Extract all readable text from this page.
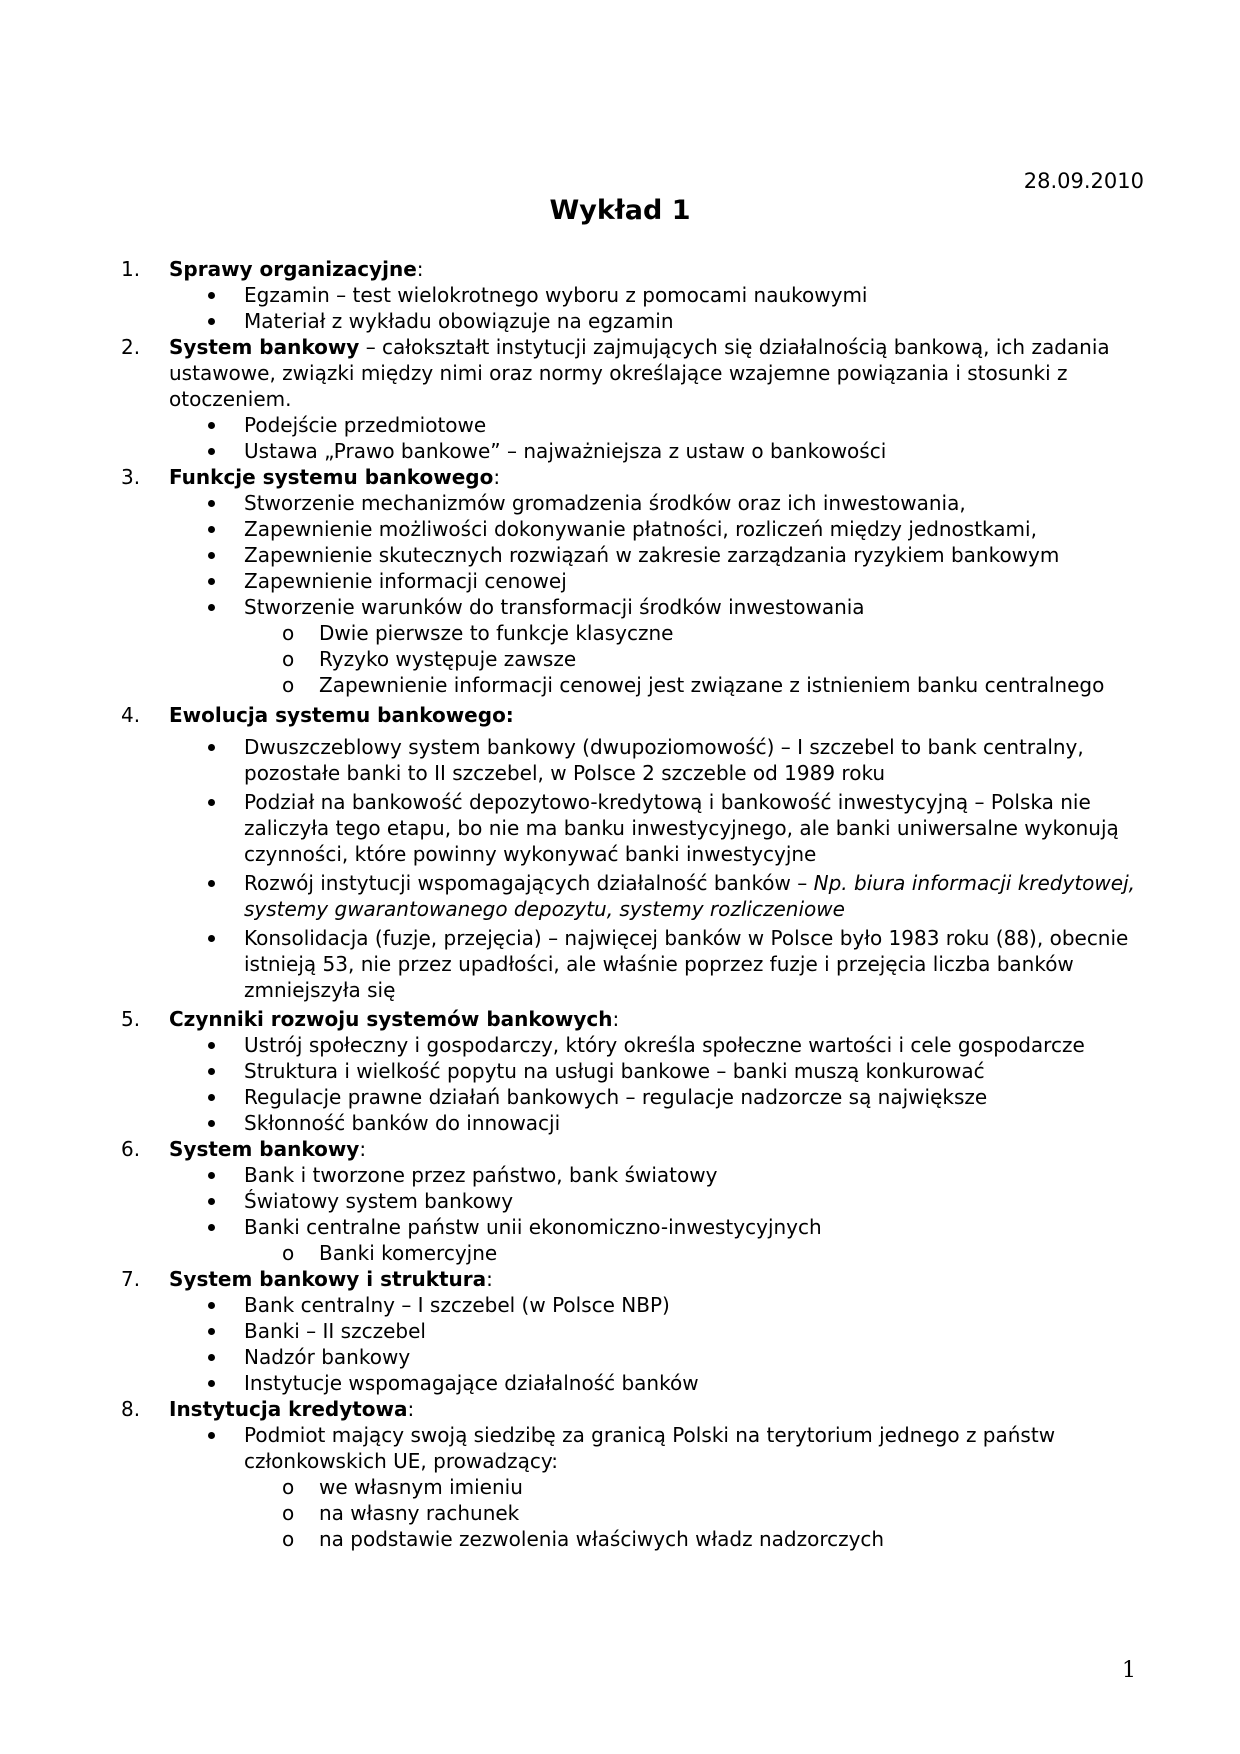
28.09.2010
Wykład 1
1.	Sprawy organizacyjne:
Egzamin – test wielokrotnego wyboru z pomocami naukowymi
Materiał z wykładu obowiązuje na egzamin
2.	System bankowy – całokształt instytucji zajmujących się działalnością bankową, ich zadania ustawowe, związki między nimi oraz normy określające wzajemne powiązania i stosunki z otoczeniem.
Podejście przedmiotowe
Ustawa „Prawo bankowe” – najważniejsza z ustaw o bankowości
3.	Funkcje systemu bankowego:
Stworzenie mechanizmów gromadzenia środków oraz ich inwestowania,
Zapewnienie możliwości dokonywanie płatności, rozliczeń między jednostkami,
Zapewnienie skutecznych rozwiązań w zakresie zarządzania ryzykiem bankowym
Zapewnienie informacji cenowej
Stworzenie warunków do transformacji środków inwestowania
o Dwie pierwsze to funkcje klasyczne
o Ryzyko występuje zawsze
o Zapewnienie informacji cenowej jest związane z istnieniem banku centralnego
4.	Ewolucja systemu bankowego:
Dwuszczeblowy system bankowy (dwupoziomowość) – I szczebel to bank centralny, pozostałe banki to II szczebel, w Polsce 2 szczeble od 1989 roku
Podział na bankowość depozytowo-kredytową i bankowość inwestycyjną – Polska nie zaliczyła tego etapu, bo nie ma banku inwestycyjnego, ale banki uniwersalne wykonują czynności, które powinny wykonywać banki inwestycyjne
Rozwój instytucji wspomagających działalność banków – Np. biura informacji kredytowej, systemy gwarantowanego depozytu, systemy rozliczeniowe
Konsolidacja (fuzje, przejęcia) – najwięcej banków w Polsce było 1983 roku (88), obecnie istnieją 53, nie przez upadłości, ale właśnie poprzez fuzje i przejęcia liczba banków zmniejszyła się
5.	Czynniki rozwoju systemów bankowych:
Ustrój społeczny i gospodarczy, który określa społeczne wartości i cele gospodarcze
Struktura i wielkość popytu na usługi bankowe – banki muszą konkurować
Regulacje prawne działań bankowych – regulacje nadzorcze są największe
Skłonność banków do innowacji
6.	System bankowy:
Bank i tworzone przez państwo, bank światowy
Światowy system bankowy
Banki centralne państw unii ekonomiczno-inwestycyjnych
o Banki komercyjne
7.	System bankowy i struktura:
Bank centralny – I szczebel (w Polsce NBP)
Banki – II szczebel
Nadzór bankowy
Instytucje wspomagające działalność banków
8.	Instytucja kredytowa:
Podmiot mający swoją siedzibę za granicą Polski na terytorium jednego z państw członkowskich UE, prowadzący:
o we własnym imieniu
o na własny rachunek
o na podstawie zezwolenia właściwych władz nadzorczych
1
